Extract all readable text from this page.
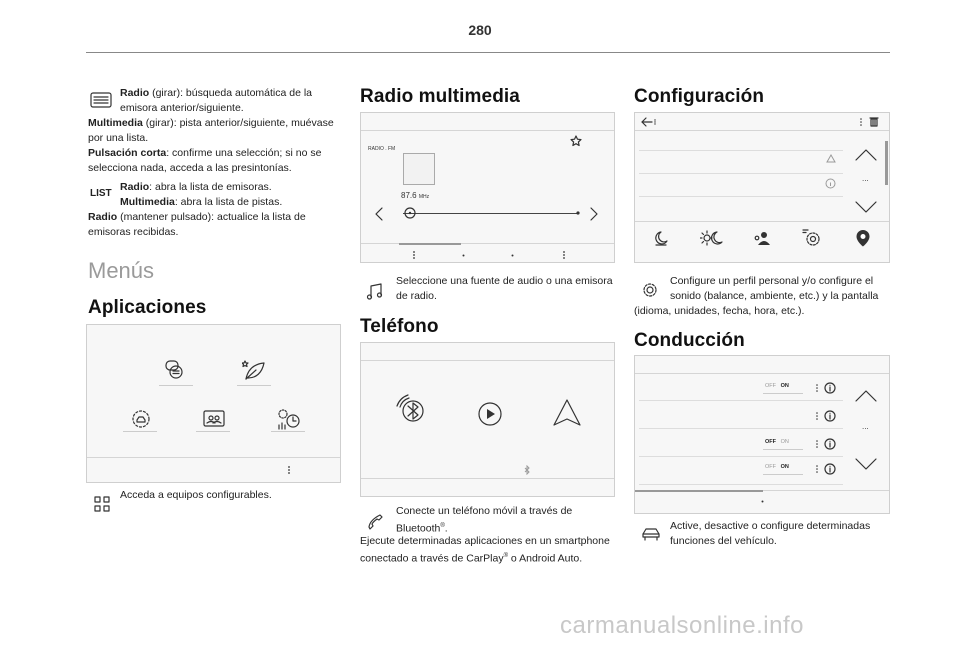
280
Radio (girar): búsqueda automática de la
emisora anterior/siguiente.
Multimedia (girar): pista anterior/siguiente, muévase
por una lista.
Pulsación corta: confirme una selección; si no se
selecciona nada, acceda a las presintonías.
LIST
Radio: abra la lista de emisoras.
Multimedia: abra la lista de pistas.
Radio (mantener pulsado): actualice la lista de
emisoras recibidas.
Menús
Aplicaciones
Acceda a equipos configurables.
Radio multimedia
RADIO . FM
87.6 MHz
Seleccione una fuente de audio o una emisora
de radio.
Teléfono
Conecte un teléfono móvil a través de
Bluetooth®.
Ejecute determinadas aplicaciones en un smartphone
conectado a través de CarPlay® o Android Auto.
Configuración
...
Configure un perfil personal y/o configure el
sonido (balance, ambiente, etc.) y la pantalla
(idioma, unidades, fecha, hora, etc.).
Conducción
OFF ON
OFF ON
OFF ON
...
Active, desactive o configure determinadas
funciones del vehículo.
carmanualsonline.info
